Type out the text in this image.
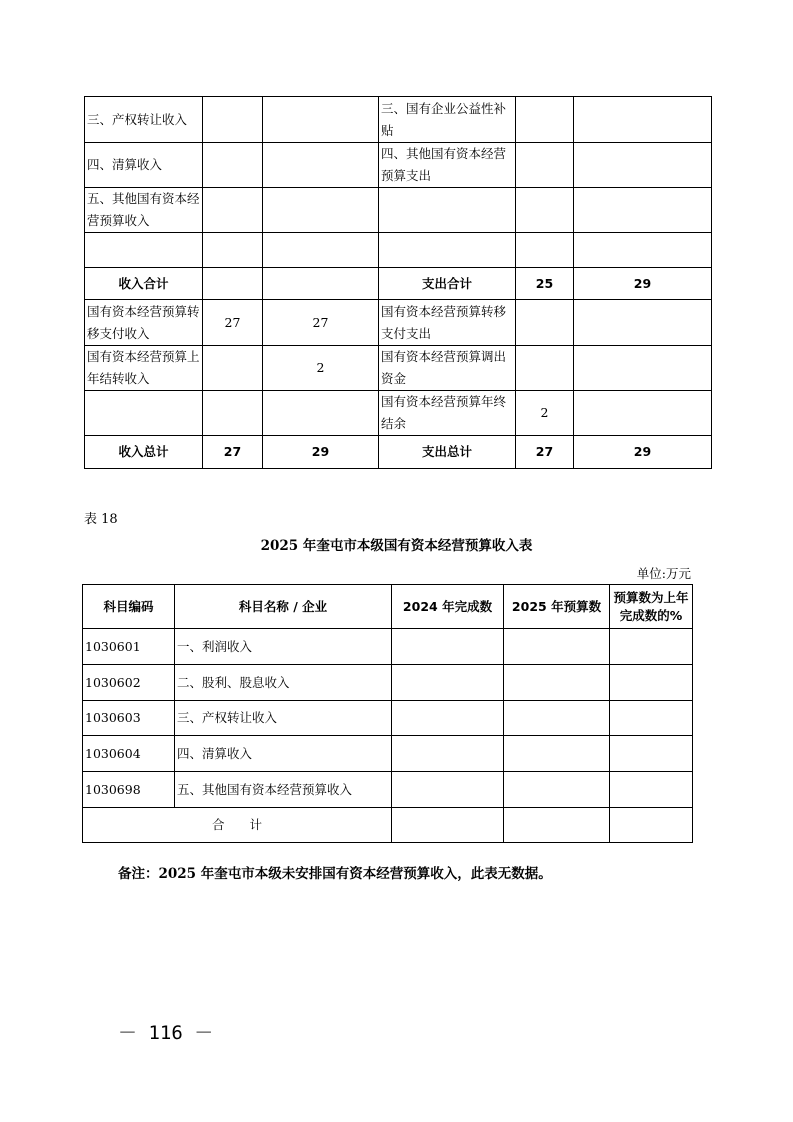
三、产权转让收入			三、国有企业公益性补贴		
四、清算收入			四、其他国有资本经营预算支出		
五、其他国有资本经营预算收入					

收入合计			支出合计	25	29
国有资本经营预算转移支付收入	27	27	国有资本经营预算转移支付支出		
国有资本经营预算上年结转收入		2	国有资本经营预算调出资金		
			国有资本经营预算年终结余	2	
收入总计	27	29	支出总计	27	29
表 18
2025 年奎屯市本级国有资本经营预算收入表
单位:万元
科目编码	科目名称 / 企业	2024 年完成数	2025 年预算数	预算数为上年完成数的%
1030601	一、利润收入			
1030602	二、股利、股息收入			
1030603	三、产权转让收入			
1030604	四、清算收入			
1030698	五、其他国有资本经营预算收入			
合　　计				
备注：2025 年奎屯市本级未安排国有资本经营预算收入，此表无数据。
－ 116 －
